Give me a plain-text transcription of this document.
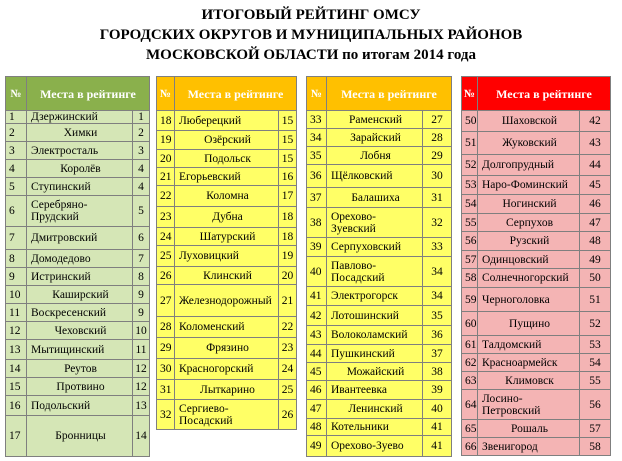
ИТОГОВЫЙ РЕЙТИНГ ОМСУ
ГОРОДСКИХ ОКРУГОВ И МУНИЦИПАЛЬНЫХ РАЙОНОВ
МОСКОВСКОЙ ОБЛАСТИ по итогам 2014 года
№	Места в рейтинге	
1	Дзержинский	1
2	Химки	2
3	Электросталь	3
4	Королёв	4
5	Ступинский	4
6	Серебряно-Прудский	5
7	Дмитровский	6
8	Домодедово	7
9	Истринский	8
10	Каширский	9
11	Воскресенский	9
12	Чеховский	10
13	Мытищинский	11
14	Реутов	12
15	Протвино	12
16	Подольский	13
17	Бронницы	14
№	Места в рейтинге	
18	Люберецкий	15
19	Озёрский	15
20	Подольск	15
21	Егорьевский	16
22	Коломна	17
23	Дубна	18
24	Шатурский	18
25	Луховицкий	19
26	Клинский	20
27	Железнодорожный	21
28	Коломенский	22
29	Фрязино	23
30	Красногорский	24
31	Лыткарино	25
32	Сергиево-Посадский	26
№	Места в рейтинге	
33	Раменский	27
34	Зарайский	28
35	Лобня	29
36	Щёлковский	30
37	Балашиха	31
38	Орехово-Зуевский	32
39	Серпуховский	33
40	Павлово-Посадский	34
41	Электрогорск	34
42	Лотошинский	35
43	Волоколамский	36
44	Пушкинский	37
45	Можайский	38
46	Ивантеевка	39
47	Ленинский	40
48	Котельники	41
49	Орехово-Зуево	41
№	Места в рейтинге	
50	Шаховской	42
51	Жуковский	43
52	Долгопрудный	44
53	Наро-Фоминский	45
54	Ногинский	46
55	Серпухов	47
56	Рузский	48
57	Одинцовский	49
58	Солнечногорский	50
59	Черноголовка	51
60	Пущино	52
61	Талдомский	53
62	Красноармейск	54
63	Климовск	55
64	Лосино-Петровский	56
65	Рошаль	57
66	Звенигород	58
